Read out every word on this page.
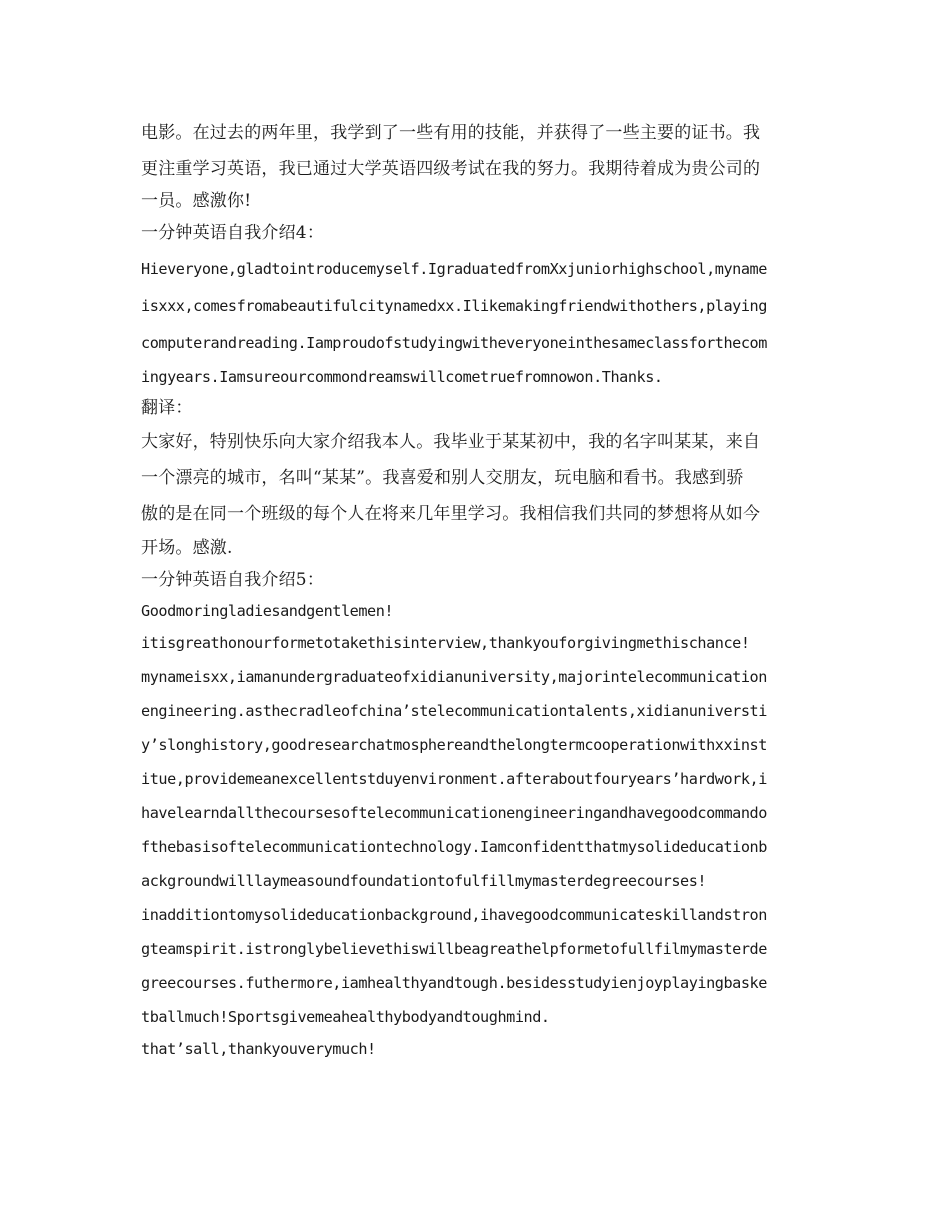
电影。在过去的两年里，我学到了一些有用的技能，并获得了一些主要的证书。我
更注重学习英语，我已通过大学英语四级考试在我的努力。我期待着成为贵公司的
一员。感激你!
一分钟英语自我介绍4：
Hieveryone,gladtointroducemyself.IgraduatedfromXxjuniorhighschool,myname
isxxx,comesfromabeautifulcitynamedxx.Ilikemakingfriendwithothers,playing
computerandreading.Iamproudofstudyingwitheveryoneinthesameclassforthecom
ingyears.Iamsureourcommondreamswillcometruefromnowon.Thanks.
翻译：
大家好，特别快乐向大家介绍我本人。我毕业于某某初中，我的名字叫某某，来自
一个漂亮的城市，名叫“某某”。我喜爱和别人交朋友，玩电脑和看书。我感到骄
傲的是在同一个班级的每个人在将来几年里学习。我相信我们共同的梦想将从如今
开场。感激.
一分钟英语自我介绍5：
Goodmoringladiesandgentlemen!
itisgreathonourformetotakethisinterview,thankyouforgivingmethischance!
mynameisxx,iamanundergraduateofxidianuniversity,majorintelecommunication
engineering.asthecradleofchina’stelecommunicationtalents,xidianuniversti
y’slonghistory,goodresearchatmosphereandthelongtermcooperationwithxxinst
itue,providemeanexcellentstduyenvironment.afteraboutfouryears’hardwork,i
havelearndallthecoursesoftelecommunicationengineeringandhavegoodcommando
fthebasisoftelecommunicationtechnology.Iamconfidentthatmysolideducationb
ackgroundwilllaymeasoundfoundationtofulfillmymasterdegreecourses!
inadditiontomysolideducationbackground,ihavegoodcommunicateskillandstron
gteamspirit.istronglybelievethiswillbeagreathelpformetofullfilmymasterde
greecourses.futhermore,iamhealthyandtough.besidesstudyienjoyplayingbaske
tballmuch!Sportsgivemeahealthybodyandtoughmind.
that’sall,thankyouverymuch!
